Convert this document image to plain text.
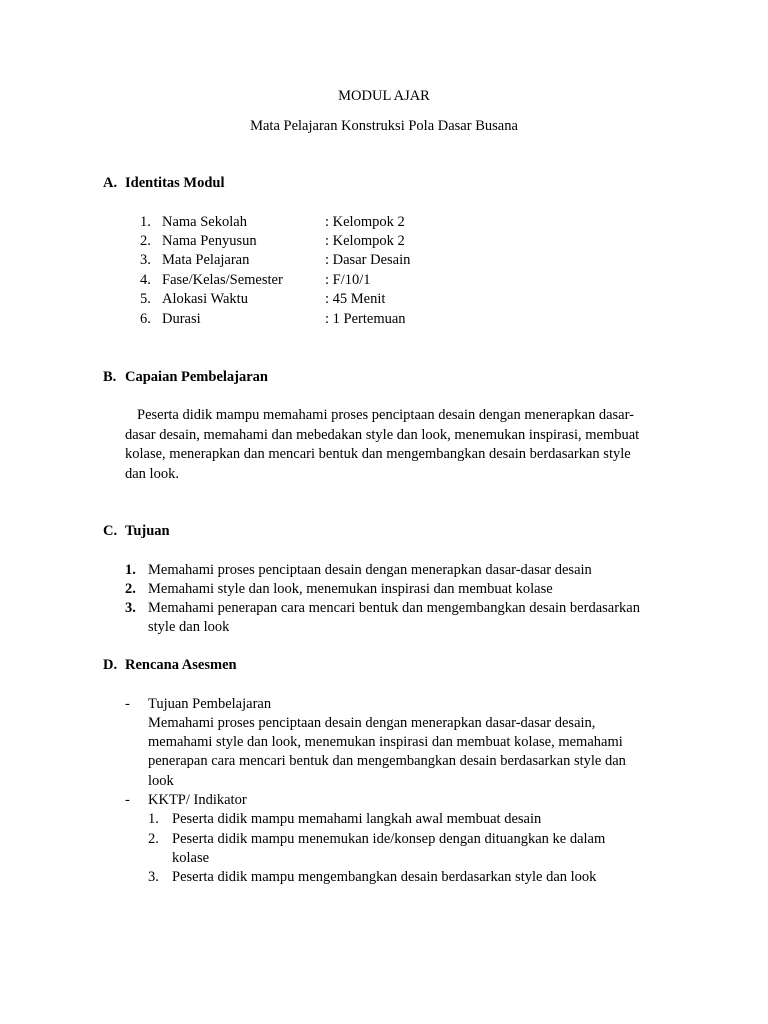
MODUL AJAR
Mata Pelajaran Konstruksi Pola Dasar Busana
A. Identitas Modul
1. Nama Sekolah	: Kelompok 2
2. Nama Penyusun	: Kelompok 2
3. Mata Pelajaran	: Dasar Desain
4. Fase/Kelas/Semester	: F/10/1
5. Alokasi Waktu	: 45 Menit
6. Durasi	: 1 Pertemuan
B. Capaian Pembelajaran
Peserta didik mampu memahami proses penciptaan desain dengan menerapkan dasar-
dasar desain, memahami dan mebedakan style dan look, menemukan inspirasi, membuat
kolase, menerapkan dan mencari bentuk dan mengembangkan desain berdasarkan style
dan look.
C. Tujuan
1. Memahami proses penciptaan desain dengan menerapkan dasar-dasar desain
2. Memahami style dan look, menemukan inspirasi dan membuat kolase
3. Memahami penerapan cara mencari bentuk dan mengembangkan desain berdasarkan
style dan look
D. Rencana Asesmen
- Tujuan Pembelajaran
Memahami proses penciptaan desain dengan menerapkan dasar-dasar desain,
memahami style dan look, menemukan inspirasi dan membuat kolase, memahami
penerapan cara mencari bentuk dan mengembangkan desain berdasarkan style dan
look
- KKTP/ Indikator
1. Peserta didik mampu memahami langkah awal membuat desain
2. Peserta didik mampu menemukan ide/konsep dengan dituangkan ke dalam
kolase
3. Peserta didik mampu mengembangkan desain berdasarkan style dan look
